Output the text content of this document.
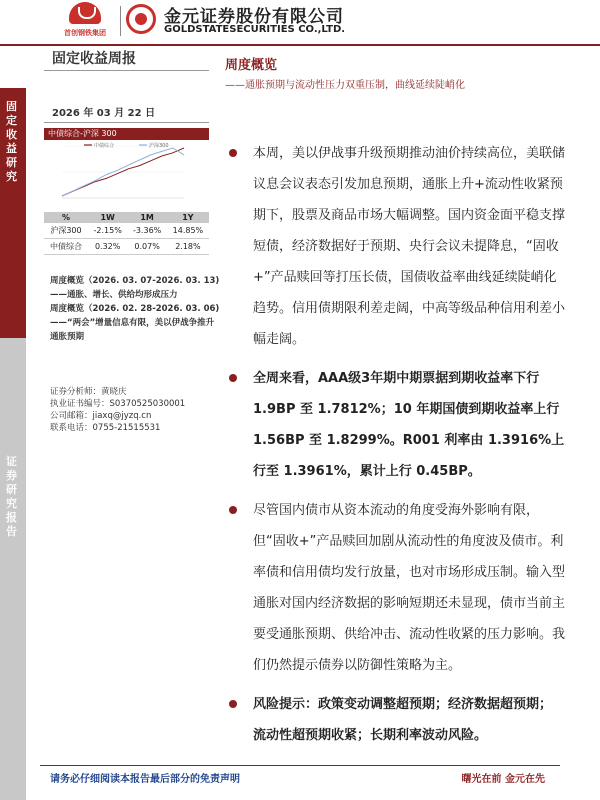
固定收益研究
证券研究报告
首创钢铁集团
金元证券股份有限公司
GOLDSTATESECURITIES CO.,LTD.
固定收益周报
2026 年 03 月 22 日
中债综合-沪深 300
中债综合	沪深300
%	1W	1M	1Y
沪深300	-2.15%	-3.36%	14.85%
中债综合	0.32%	0.07%	2.18%
周度概览（2026. 03. 07-2026. 03. 13)
——通胀、增长、供给均形成压力
周度概览（2026. 02. 28-2026. 03. 06)
——“两会”增量信息有限，美以伊战争推升通胀预期
证券分析师：黄晓庆
执业证书编号：S0370525030001
公司邮箱：jiaxq@jyzq.cn
联系电话：0755-21515531
周度概览
——通胀预期与流动性压力双重压制，曲线延续陡峭化
本周，美以伊战事升级预期推动油价持续高位，美联储议息会议表态引发加息预期，通胀上升+流动性收紧预期下，股票及商品市场大幅调整。国内资金面平稳支撑短债，经济数据好于预期、央行会议未提降息，“固收+”产品赎回等打压长债，国债收益率曲线延续陡峭化趋势。信用债期限利差走阔，中高等级品种信用利差小幅走阔。
全周来看，AAA级3年期中期票据到期收益率下行 1.9BP 至 1.7812%；10 年期国债到期收益率上行 1.56BP 至 1.8299%。R001 利率由 1.3916%上行至 1.3961%，累计上行 0.45BP。
尽管国内债市从资本流动的角度受海外影响有限，但“固收+”产品赎回加剧从流动性的角度波及债市。利率债和信用债均发行放量，也对市场形成压制。输入型通胀对国内经济数据的影响短期还未显现，债市当前主要受通胀预期、供给冲击、流动性收紧的压力影响。我们仍然提示债券以防御性策略为主。
风险提示：政策变动调整超预期；经济数据超预期；流动性超预期收紧；长期利率波动风险。
请务必仔细阅读本报告最后部分的免责声明	曙光在前 金元在先
